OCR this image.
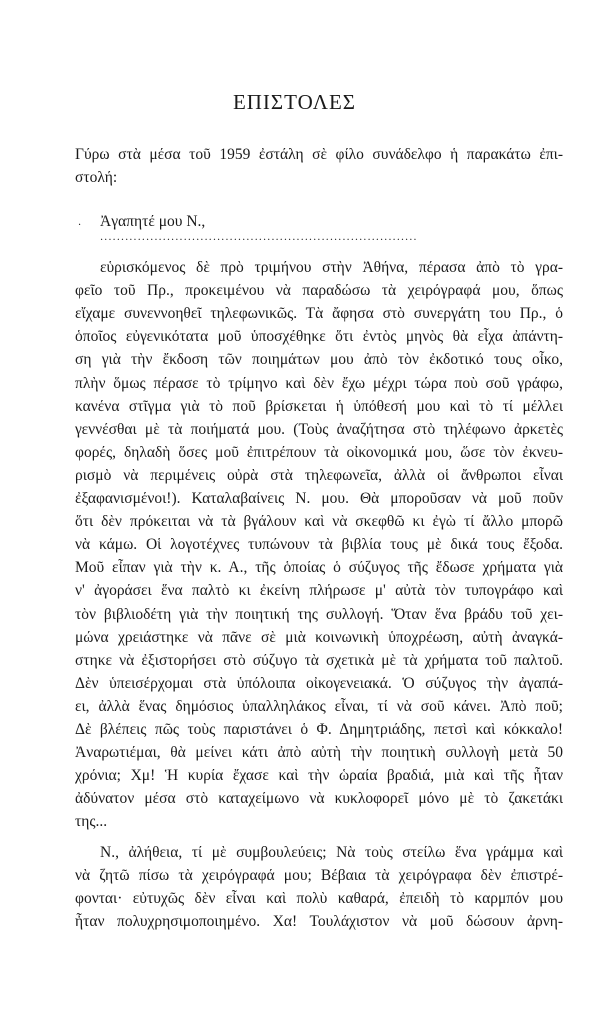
ΕΠΙΣΤΟΛΕΣ
Γύρω στὰ μέσα τοῦ 1959 ἐστάλη σὲ φίλο συνάδελφο ἡ παρακάτω ἐπι-
στολή:
· Ἀγαπητέ μου Ν.,
............................................................................
εὑρισκόμενος δὲ πρὸ τριμήνου στὴν Ἀθήνα, πέρασα ἀπὸ τὸ γρα-
φεῖο τοῦ Πρ., προκειμένου νὰ παραδώσω τὰ χειρόγραφά μου, ὅπως
εἴχαμε συνεννοηθεῖ τηλεφωνικῶς. Τὰ ἄφησα στὸ συνεργάτη του Πρ., ὁ
ὁποῖος εὐγενικότατα μοῦ ὑποσχέθηκε ὅτι ἐντὸς μηνὸς θὰ εἶχα ἀπάντη-
ση γιὰ τὴν ἔκδοση τῶν ποιημάτων μου ἀπὸ τὸν ἐκδοτικό τους οἶκο,
πλὴν ὅμως πέρασε τὸ τρίμηνο καὶ δὲν ἔχω μέχρι τώρα ποὺ σοῦ γράφω,
κανένα στῖγμα γιὰ τὸ ποῦ βρίσκεται ἡ ὑπόθεσή μου καὶ τὸ τί μέλλει
γεννέσθαι μὲ τὰ ποιήματά μου. (Τοὺς ἀναζήτησα στὸ τηλέφωνο ἀρκετὲς
φορές, δηλαδὴ ὅσες μοῦ ἐπιτρέπουν τὰ οἰκονομικά μου, ὥσε τὸν ἐκνευ-
ρισμὸ νὰ περιμένεις οὐρὰ στὰ τηλεφωνεῖα, ἀλλὰ οἱ ἄνθρωποι εἶναι
ἐξαφανισμένοι!). Καταλαβαίνεις Ν. μου. Θὰ μποροῦσαν νὰ μοῦ ποῦν
ὅτι δὲν πρόκειται νὰ τὰ βγάλουν καὶ νὰ σκεφθῶ κι ἐγὼ τί ἄλλο μπορῶ
νὰ κάμω. Οἱ λογοτέχνες τυπώνουν τὰ βιβλία τους μὲ δικά τους ἔξοδα.
Μοῦ εἶπαν γιὰ τὴν κ. Α., τῆς ὁποίας ὁ σύζυγος τῆς ἔδωσε χρήματα γιὰ
ν' ἀγοράσει ἕνα παλτὸ κι ἐκείνη πλήρωσε μ' αὐτὰ τὸν τυπογράφο καὶ
τὸν βιβλιοδέτη γιὰ τὴν ποιητική της συλλογή. Ὅταν ἕνα βράδυ τοῦ χει-
μώνα χρειάστηκε νὰ πᾶνε σὲ μιὰ κοινωνικὴ ὑποχρέωση, αὐτὴ ἀναγκά-
στηκε νὰ ἐξιστορήσει στὸ σύζυγο τὰ σχετικὰ μὲ τὰ χρήματα τοῦ παλτοῦ.
Δὲν ὑπεισέρχομαι στὰ ὑπόλοιπα οἰκογενειακά. Ὁ σύζυγος τὴν ἀγαπά-
ει, ἀλλὰ ἕνας δημόσιος ὑπαλληλάκος εἶναι, τί νὰ σοῦ κάνει. Ἀπὸ ποῦ;
Δὲ βλέπεις πῶς τοὺς παριστάνει ὁ Φ. Δημητριάδης, πετσὶ καὶ κόκκαλο!
Ἀναρωτιέμαι, θὰ μείνει κάτι ἀπὸ αὐτὴ τὴν ποιητικὴ συλλογὴ μετὰ 50
χρόνια; Χμ! Ἡ κυρία ἔχασε καὶ τὴν ὡραία βραδιά, μιὰ καὶ τῆς ἦταν
ἀδύνατον μέσα στὸ καταχείμωνο νὰ κυκλοφορεῖ μόνο μὲ τὸ ζακετάκι
της...
Ν., ἀλήθεια, τί μὲ συμβουλεύεις; Νὰ τοὺς στείλω ἕνα γράμμα καὶ
νὰ ζητῶ πίσω τὰ χειρόγραφά μου; Βέβαια τὰ χειρόγραφα δὲν ἐπιστρέ-
φονται· εὐτυχῶς δὲν εἶναι καὶ πολὺ καθαρά, ἐπειδὴ τὸ καρμπόν μου
ἦταν πολυχρησιμοποιημένο. Χα! Τουλάχιστον νὰ μοῦ δώσουν ἀρνη-
